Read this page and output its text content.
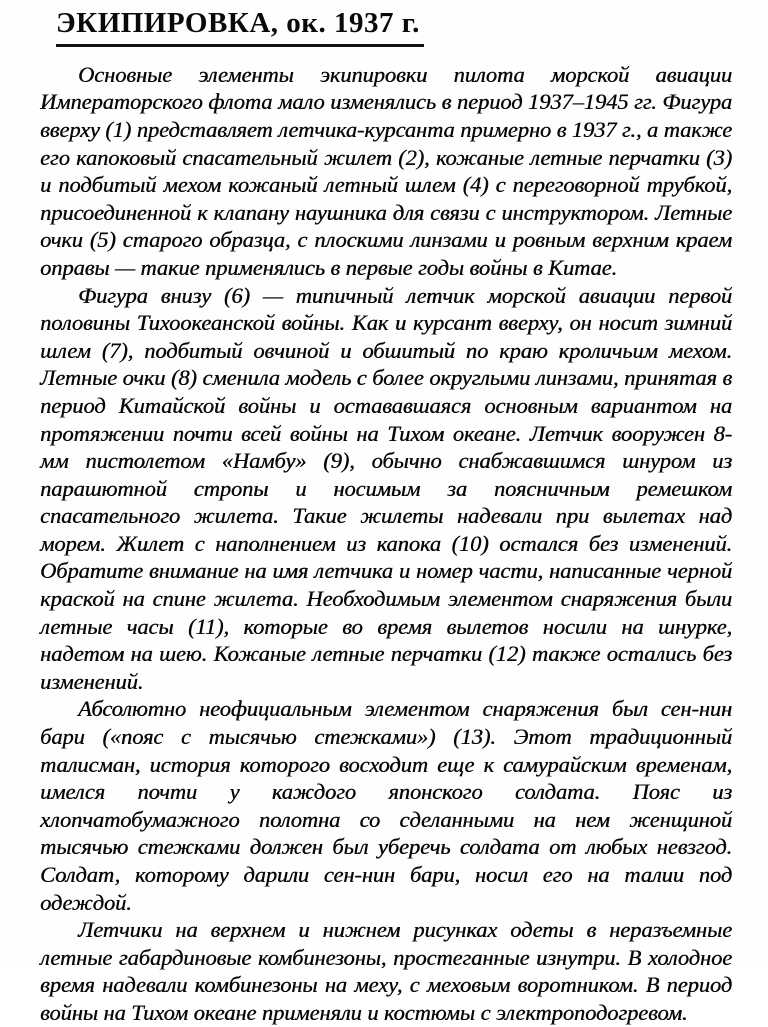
ЭКИПИРОВКА, ок. 1937 г.

Основные элементы экипировки пилота морской авиации Императорского флота мало изменялись в период 1937–1945 гг. Фигура вверху (1) представляет летчика-курсанта примерно в 1937 г., а также его капоковый спасательный жилет (2), кожаные летные перчатки (3) и подбитый мехом кожаный летный шлем (4) с переговорной трубкой, присоединенной к клапану наушника для связи с инструктором. Летные очки (5) старого образца, с плоскими линзами и ровным верхним краем оправы — такие применялись в первые годы войны в Китае.

Фигура внизу (6) — типичный летчик морской авиации первой половины Тихоокеанской войны. Как и курсант вверху, он носит зимний шлем (7), подбитый овчиной и обшитый по краю кроличьим мехом. Летные очки (8) сменила модель с более округлыми линзами, принятая в период Китайской войны и остававшаяся основным вариантом на протяжении почти всей войны на Тихом океане. Летчик вооружен 8-мм пистолетом «Намбу» (9), обычно снабжавшимся шнуром из парашютной стропы и носимым за поясничным ремешком спасательного жилета. Такие жилеты надевали при вылетах над морем. Жилет с наполнением из капока (10) остался без изменений. Обратите внимание на имя летчика и номер части, написанные черной краской на спине жилета. Необходимым элементом снаряжения были летные часы (11), которые во время вылетов носили на шнурке, надетом на шею. Кожаные летные перчатки (12) также остались без изменений.

Абсолютно неофициальным элементом снаряжения был сен-нин бари («пояс с тысячью стежками») (13). Этот традиционный талисман, история которого восходит еще к самурайским временам, имелся почти у каждого японского солдата. Пояс из хлопчатобумажного полотна со сделанными на нем женщиной тысячью стежками должен был уберечь солдата от любых невзгод. Солдат, которому дарили сен-нин бари, носил его на талии под одеждой.

Летчики на верхнем и нижнем рисунках одеты в неразъемные летные габардиновые комбинезоны, простеганные изнутри. В холодное время надевали комбинезоны на меху, с меховым воротником. В период войны на Тихом океане применяли и костюмы с электроподогревом.
